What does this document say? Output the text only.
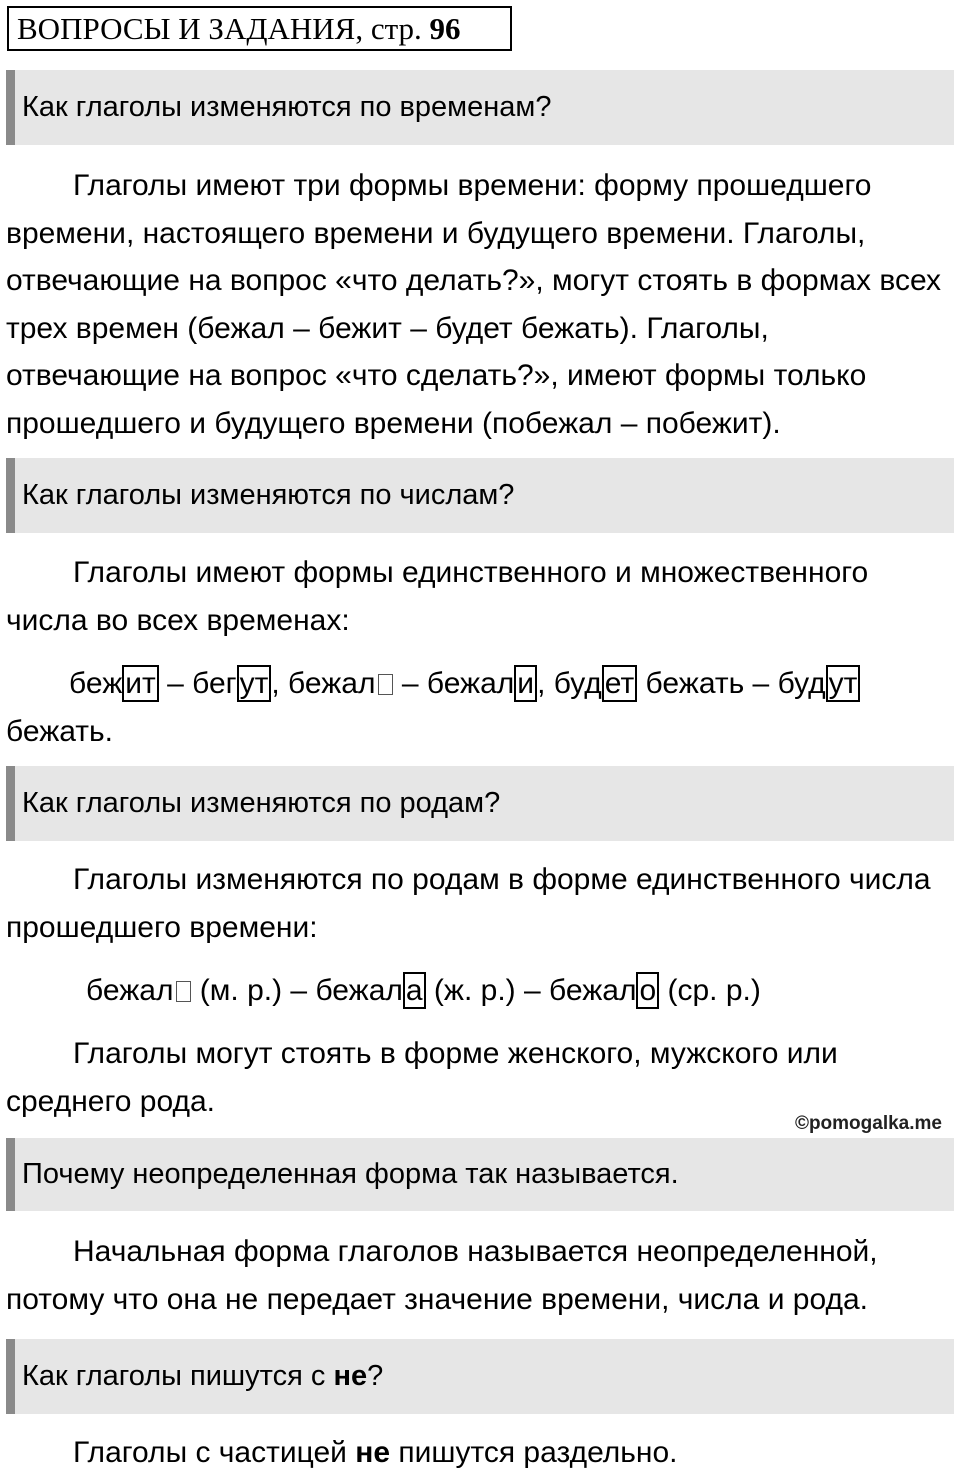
ВОПРОСЫ И ЗАДАНИЯ, стр. 96
Как глаголы изменяются по временам?

Глаголы имеют три формы времени: форму прошедшего времени, настоящего времени и будущего времени. Глаголы, отвечающие на вопрос «что делать?», могут стоять в формах всех трех времен (бежал – бежит – будет бежать). Глаголы, отвечающие на вопрос «что сделать?», имеют формы только прошедшего и будущего времени (побежал – побежит).

Как глаголы изменяются по числам?

Глаголы имеют формы единственного и множественного числа во всех временах:

беж ит – бег ут , бежал – бежал и , буд ет бежать – буд ут бежать.

Как глаголы изменяются по родам?

Глаголы изменяются по родам в форме единственного числа прошедшего времени:

бежал (м. р.) – бежал а (ж. р.) – бежал о (ср. р.)

Глаголы могут стоять в форме женского, мужского или среднего рода.

©pomogalka.me
Почему неопределенная форма так называется.

Начальная форма глаголов называется неопределенной, потому что она не передает значение времени, числа и рода.

Как глаголы пишутся с не?

Глаголы с частицей не пишутся раздельно.
